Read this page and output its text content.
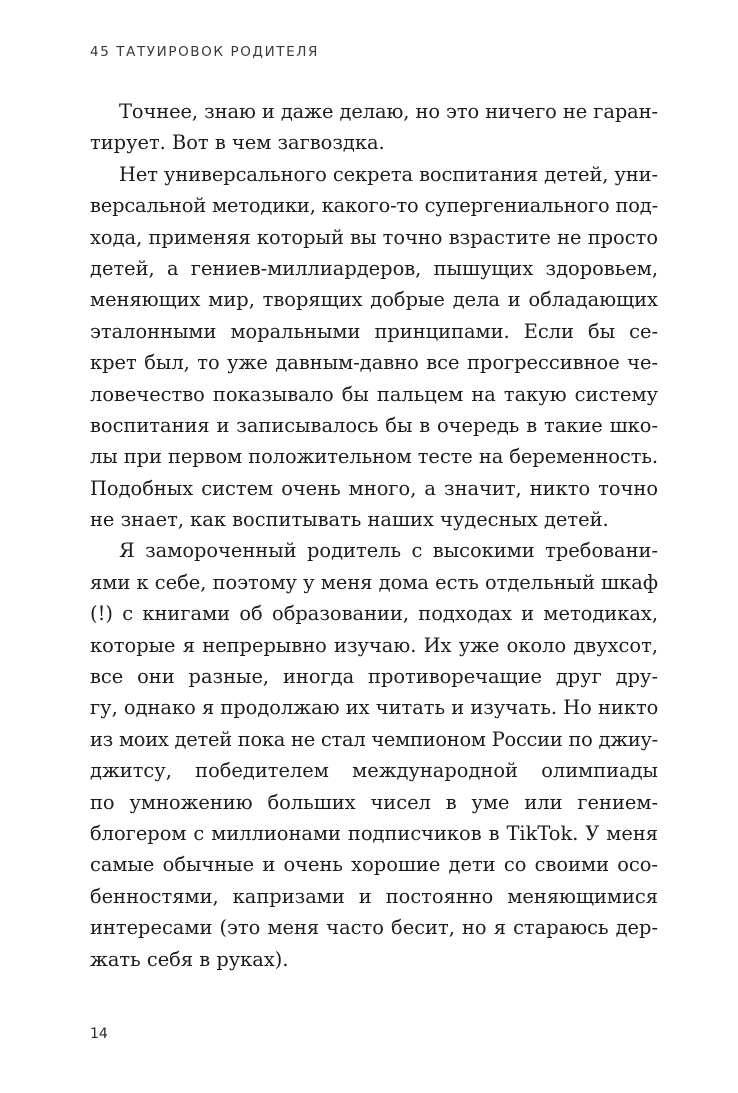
45 ТАТУИРОВОК РОДИТЕЛЯ
Точнее, знаю и даже делаю, но это ничего не гаран-
тирует. Вот в чем загвоздка.
Нет универсального секрета воспитания детей, уни-
версальной методики, какого-то супергениального под-
хода, применяя который вы точно взрастите не просто
детей, а гениев-миллиардеров, пышущих здоровьем,
меняющих мир, творящих добрые дела и обладающих
эталонными моральными принципами. Если бы се-
крет был, то уже давным-давно все прогрессивное че-
ловечество показывало бы пальцем на такую систему
воспитания и записывалось бы в очередь в такие шко-
лы при первом положительном тесте на беременность.
Подобных систем очень много, а значит, никто точно
не знает, как воспитывать наших чудесных детей.
Я замороченный родитель с высокими требовани-
ями к себе, поэтому у меня дома есть отдельный шкаф
(!) с книгами об образовании, подходах и методиках,
которые я непрерывно изучаю. Их уже около двухсот,
все они разные, иногда противоречащие друг дру-
гу, однако я продолжаю их читать и изучать. Но никто
из моих детей пока не стал чемпионом России по джиу-
джитсу, победителем международной олимпиады
по умножению больших чисел в уме или гением-
блогером с миллионами подписчиков в TikTok. У меня
самые обычные и очень хорошие дети со своими осо-
бенностями, капризами и постоянно меняющимися
интересами (это меня часто бесит, но я стараюсь дер-
жать себя в руках).
14
